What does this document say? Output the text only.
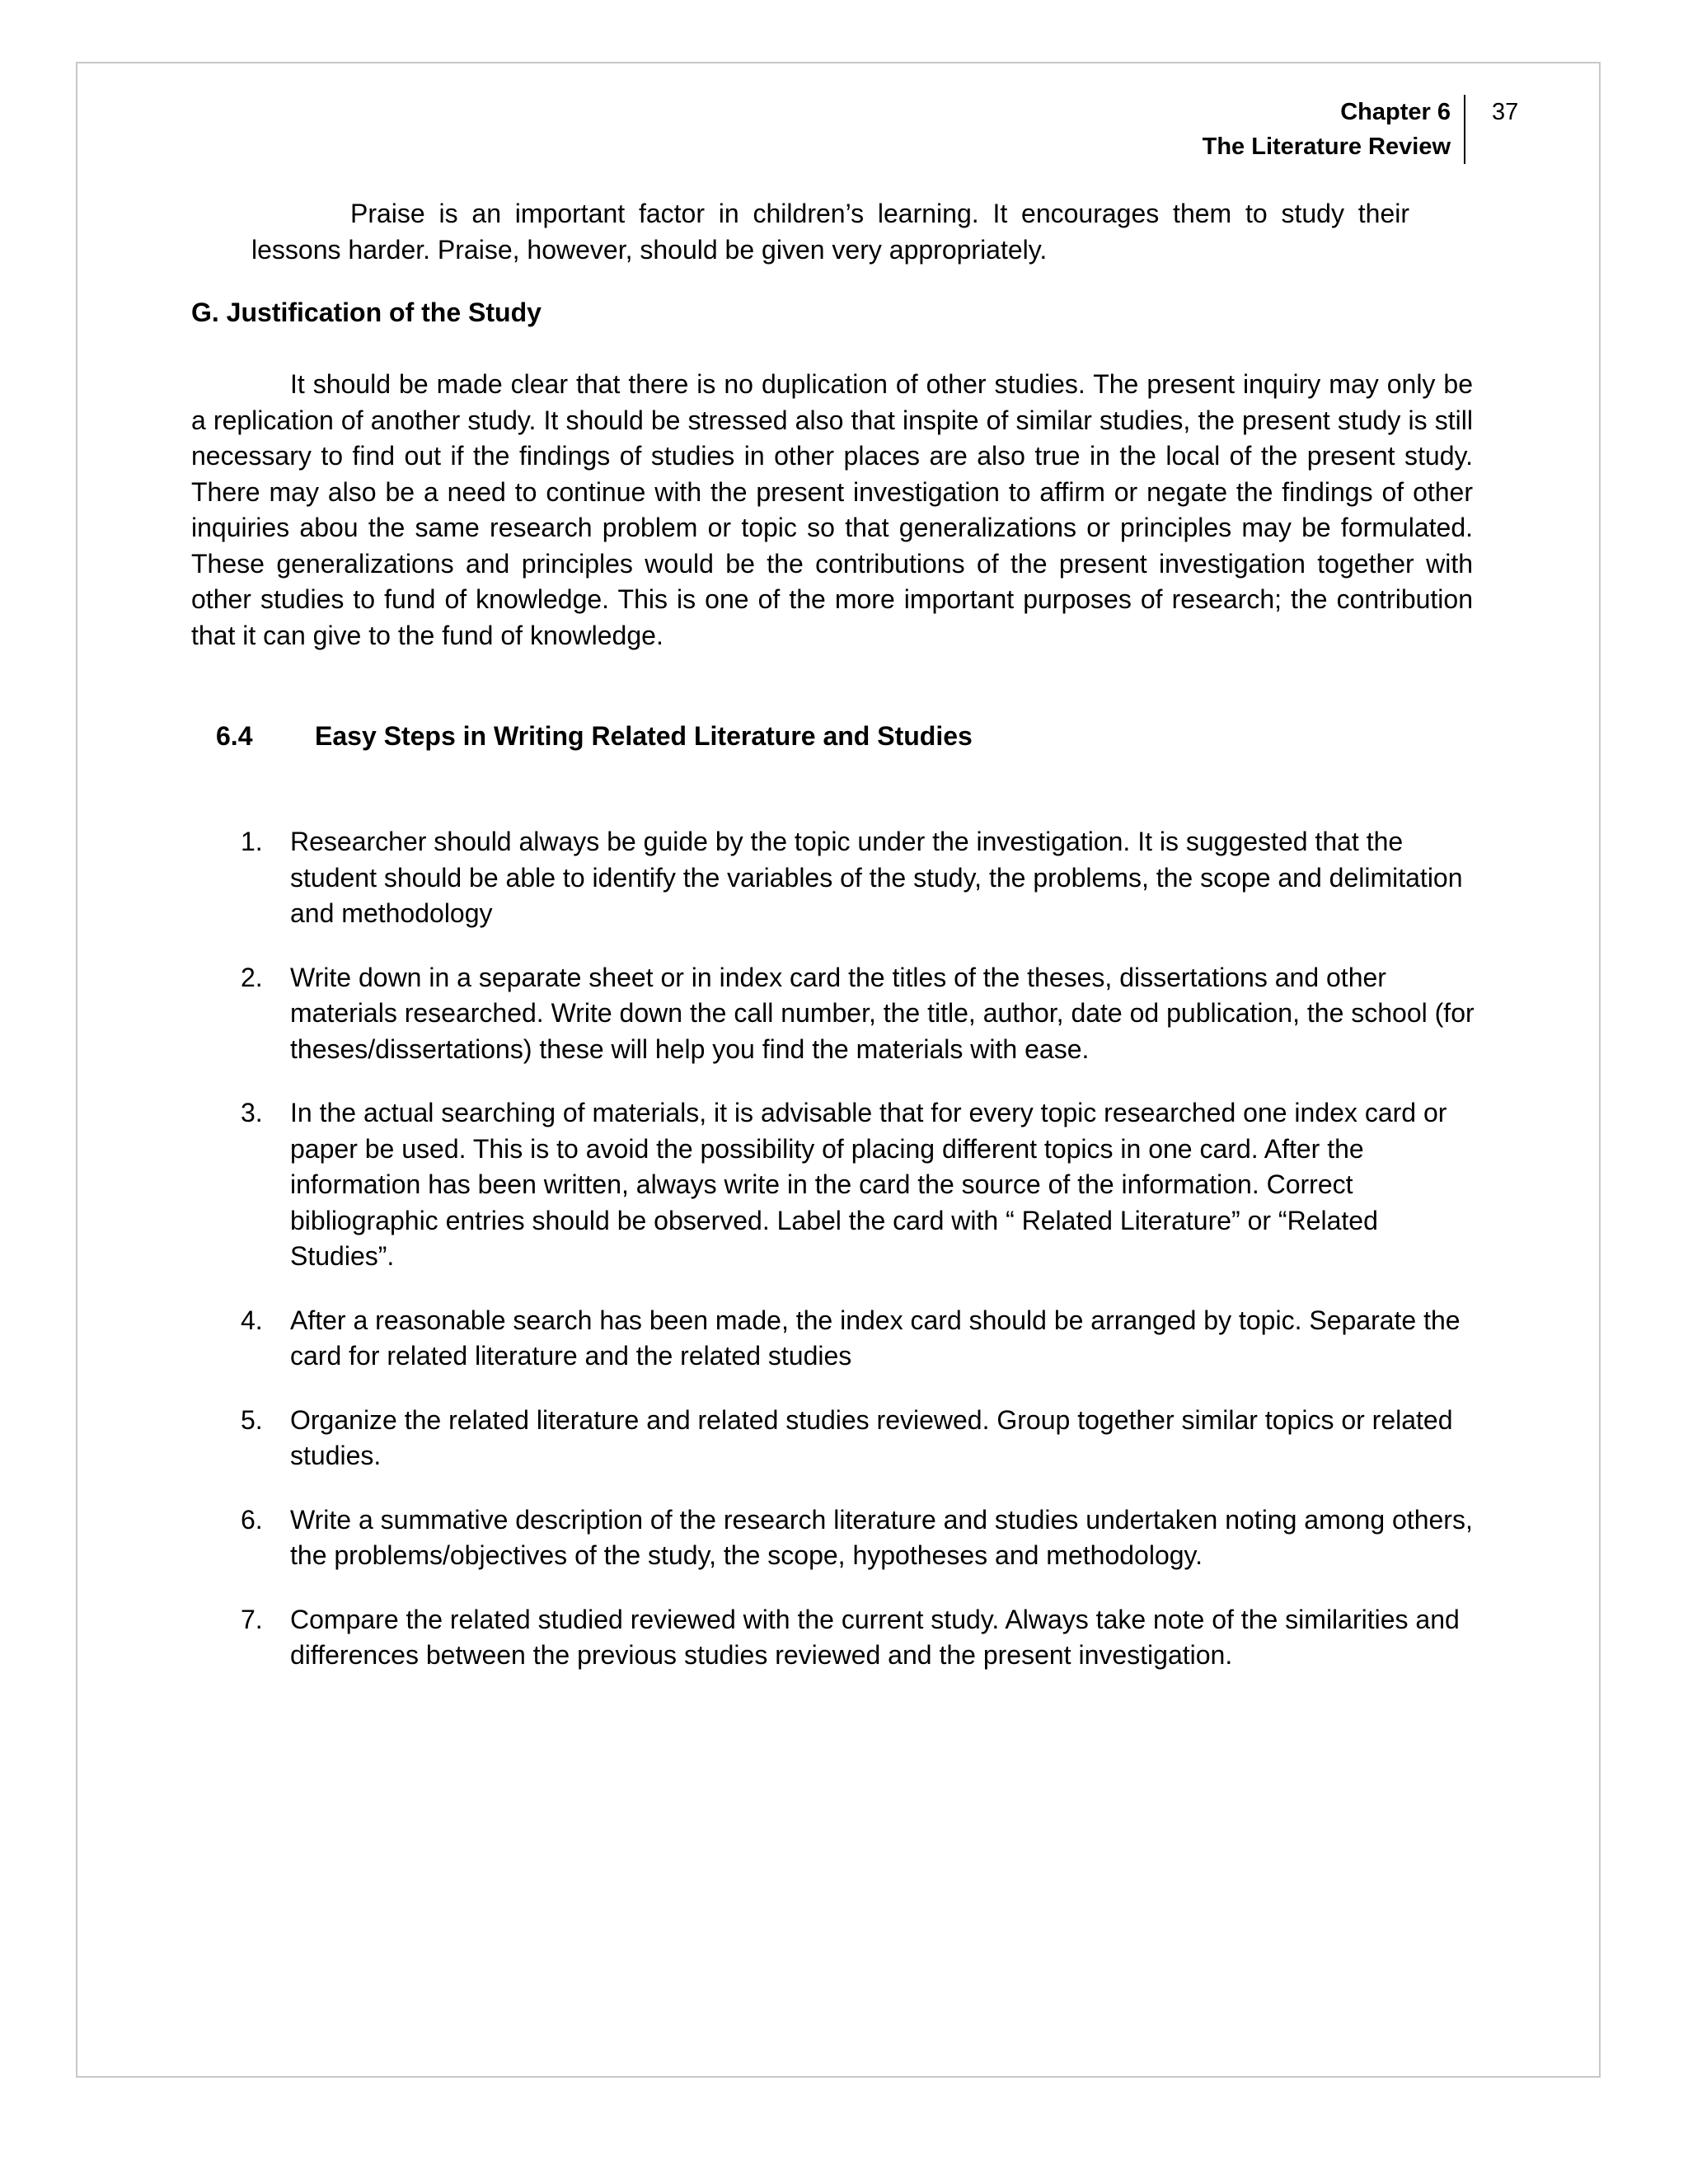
Chapter 6
The Literature Review
37

Praise is an important factor in children’s learning. It encourages them to study their lessons harder. Praise, however, should be given very appropriately.

G. Justification of the Study

It should be made clear that there is no duplication of other studies. The present inquiry may only be a replication of another study. It should be stressed also that inspite of similar studies, the present study is still necessary to find out if the findings of studies in other places are also true in the local of the present study. There may also be a need to continue with the present investigation to affirm or negate the findings of other inquiries abou the same research problem or topic so that generalizations or principles may be formulated. These generalizations and principles would be the contributions of the present investigation together with other studies to fund of knowledge. This is one of the more important purposes of research; the contribution that it can give to the fund of knowledge.

6.4 Easy Steps in Writing Related Literature and Studies
1. Researcher should always be guide by the topic under the investigation. It is suggested that the student should be able to identify the variables of the study, the problems, the scope and delimitation and methodology
2. Write down in a separate sheet or in index card the titles of the theses, dissertations and other materials researched. Write down the call number, the title, author, date od publication, the school (for theses/dissertations) these will help you find the materials with ease.
3. In the actual searching of materials, it is advisable that for every topic researched one index card or paper be used. This is to avoid the possibility of placing different topics in one card. After the information has been written, always write in the card the source of the information. Correct bibliographic entries should be observed. Label the card with “ Related Literature” or “Related Studies”.
4. After a reasonable search has been made, the index card should be arranged by topic. Separate the card for related literature and the related studies
5. Organize the related literature and related studies reviewed. Group together similar topics or related studies.
6. Write a summative description of the research literature and studies undertaken noting among others, the problems/objectives of the study, the scope, hypotheses and methodology.
7. Compare the related studied reviewed with the current study. Always take note of the similarities and differences between the previous studies reviewed and the present investigation.
